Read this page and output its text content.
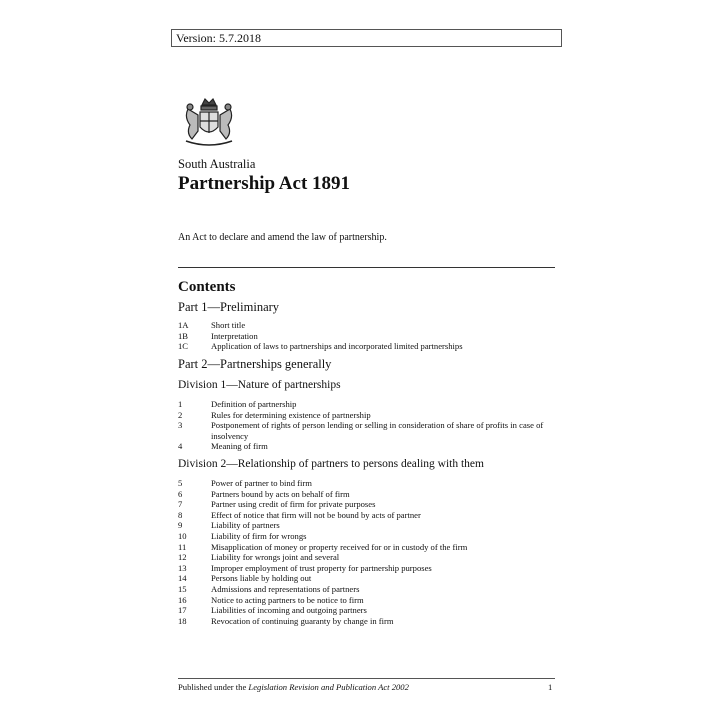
Version: 5.7.2018
South Australia
Partnership Act 1891
An Act to declare and amend the law of partnership.
Contents
Part 1—Preliminary
1A	Short title
1B	Interpretation
1C	Application of laws to partnerships and incorporated limited partnerships
Part 2—Partnerships generally
Division 1—Nature of partnerships
1	Definition of partnership
2	Rules for determining existence of partnership
3	Postponement of rights of person lending or selling in consideration of share of profits in case of insolvency
4	Meaning of firm
Division 2—Relationship of partners to persons dealing with them
5	Power of partner to bind firm
6	Partners bound by acts on behalf of firm
7	Partner using credit of firm for private purposes
8	Effect of notice that firm will not be bound by acts of partner
9	Liability of partners
10	Liability of firm for wrongs
11	Misapplication of money or property received for or in custody of the firm
12	Liability for wrongs joint and several
13	Improper employment of trust property for partnership purposes
14	Persons liable by holding out
15	Admissions and representations of partners
16	Notice to acting partners to be notice to firm
17	Liabilities of incoming and outgoing partners
18	Revocation of continuing guaranty by change in firm
Published under the Legislation Revision and Publication Act 2002	1
